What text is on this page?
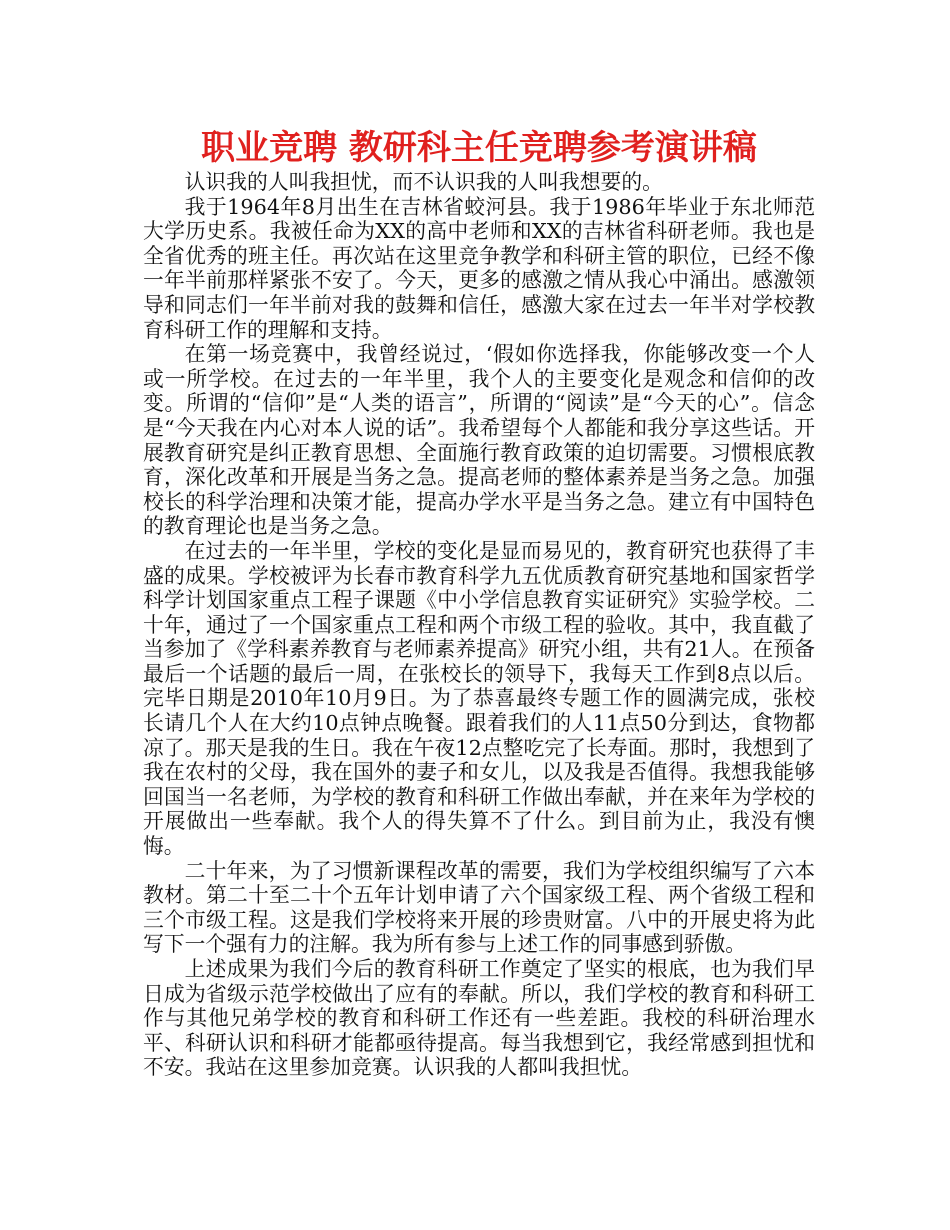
职业竞聘 教研科主任竞聘参考演讲稿

认识我的人叫我担忧，而不认识我的人叫我想要的。

我于1964年8月出生在吉林省蛟河县。我于1986年毕业于东北师范大学历史系。我被任命为XX的高中老师和XX的吉林省科研老师。我也是全省优秀的班主任。再次站在这里竞争教学和科研主管的职位，已经不像一年半前那样紧张不安了。今天，更多的感激之情从我心中涌出。感激领导和同志们一年半前对我的鼓舞和信任，感激大家在过去一年半对学校教育科研工作的理解和支持。

在第一场竞赛中，我曾经说过，‘假如你选择我，你能够改变一个人或一所学校。在过去的一年半里，我个人的主要变化是观念和信仰的改变。所谓的“信仰”是“人类的语言”，所谓的“阅读”是“今天的心”。信念是“今天我在内心对本人说的话”。我希望每个人都能和我分享这些话。开展教育研究是纠正教育思想、全面施行教育政策的迫切需要。习惯根底教育，深化改革和开展是当务之急。提高老师的整体素养是当务之急。加强校长的科学治理和决策才能，提高办学水平是当务之急。建立有中国特色的教育理论也是当务之急。

在过去的一年半里，学校的变化是显而易见的，教育研究也获得了丰盛的成果。学校被评为长春市教育科学九五优质教育研究基地和国家哲学科学计划国家重点工程子课题《中小学信息教育实证研究》实验学校。二十年，通过了一个国家重点工程和两个市级工程的验收。其中，我直截了当参加了《学科素养教育与老师素养提高》研究小组，共有21人。在预备最后一个话题的最后一周，在张校长的领导下，我每天工作到8点以后。完毕日期是2010年10月9日。为了恭喜最终专题工作的圆满完成，张校长请几个人在大约10点钟点晚餐。跟着我们的人11点50分到达，食物都凉了。那天是我的生日。我在午夜12点整吃完了长寿面。那时，我想到了我在农村的父母，我在国外的妻子和女儿，以及我是否值得。我想我能够回国当一名老师，为学校的教育和科研工作做出奉献，并在来年为学校的开展做出一些奉献。我个人的得失算不了什么。到目前为止，我没有懊悔。

二十年来，为了习惯新课程改革的需要，我们为学校组织编写了六本教材。第二十至二十个五年计划申请了六个国家级工程、两个省级工程和三个市级工程。这是我们学校将来开展的珍贵财富。八中的开展史将为此写下一个强有力的注解。我为所有参与上述工作的同事感到骄傲。

上述成果为我们今后的教育科研工作奠定了坚实的根底，也为我们早日成为省级示范学校做出了应有的奉献。所以，我们学校的教育和科研工作与其他兄弟学校的教育和科研工作还有一些差距。我校的科研治理水平、科研认识和科研才能都亟待提高。每当我想到它，我经常感到担忧和不安。我站在这里参加竞赛。认识我的人都叫我担忧。
